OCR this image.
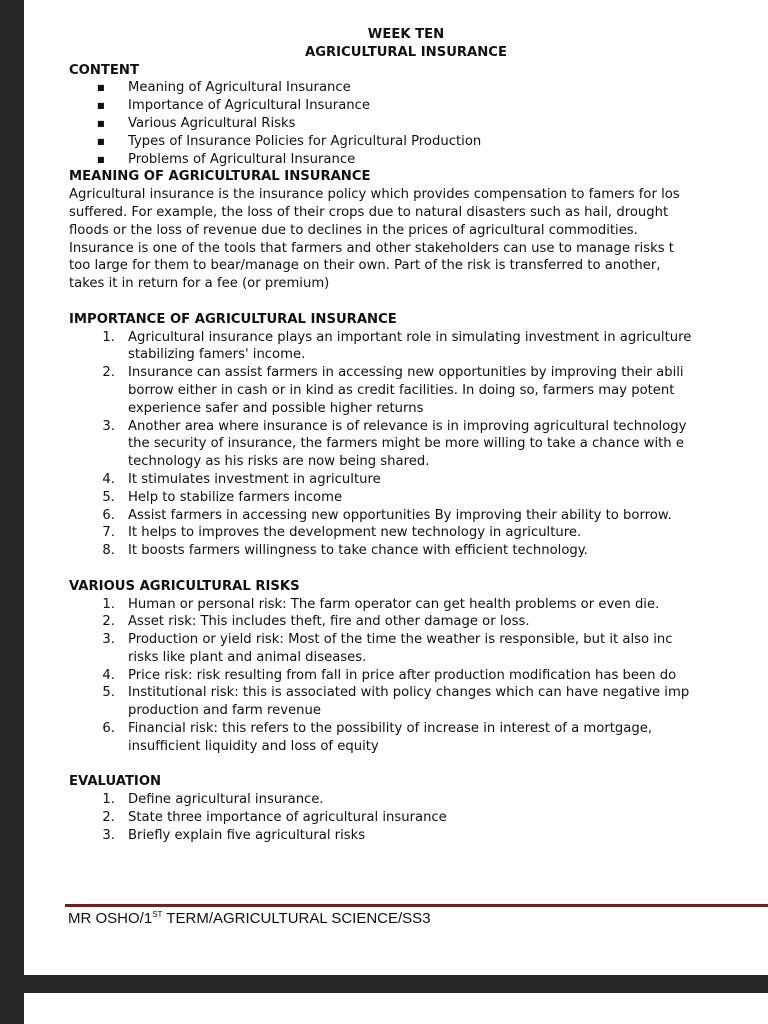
WEEK TEN

AGRICULTURAL INSURANCE

CONTENT

■ Meaning of Agricultural Insurance
■ Importance of Agricultural Insurance
■ Various Agricultural Risks
■ Types of Insurance Policies for Agricultural Production
■ Problems of Agricultural Insurance

MEANING OF AGRICULTURAL INSURANCE

Agricultural insurance is the insurance policy which provides compensation to famers for los

suffered. For example, the loss of their crops due to natural disasters such as hail, drought

floods or the loss of revenue due to declines in the prices of agricultural commodities.

Insurance is one of the tools that farmers and other stakeholders can use to manage risks t

too large for them to bear/manage on their own. Part of the risk is transferred to another,

takes it in return for a fee (or premium)

IMPORTANCE OF AGRICULTURAL INSURANCE

1. Agricultural insurance plays an important role in simulating investment in agriculture
stabilizing famers' income.
2. Insurance can assist farmers in accessing new opportunities by improving their abili
borrow either in cash or in kind as credit facilities. In doing so, farmers may potent
experience safer and possible higher returns
3. Another area where insurance is of relevance is in improving agricultural technology
the security of insurance, the farmers might be more willing to take a chance with e
technology as his risks are now being shared.
4. It stimulates investment in agriculture
5. Help to stabilize farmers income
6. Assist farmers in accessing new opportunities By improving their ability to borrow.
7. It helps to improves the development new technology in agriculture.
8. It boosts farmers willingness to take chance with efficient technology.

VARIOUS AGRICULTURAL RISKS

1. Human or personal risk: The farm operator can get health problems or even die.
2. Asset risk: This includes theft, fire and other damage or loss.
3. Production or yield risk: Most of the time the weather is responsible, but it also inc
risks like plant and animal diseases.
4. Price risk: risk resulting from fall in price after production modification has been do
5. Institutional risk: this is associated with policy changes which can have negative imp
production and farm revenue
6. Financial risk: this refers to the possibility of increase in interest of a mortgage,
insufficient liquidity and loss of equity

EVALUATION

1. Define agricultural insurance.
2. State three importance of agricultural insurance
3. Briefly explain five agricultural risks
MR OSHO/1ST TERM/AGRICULTURAL SCIENCE/SS3
